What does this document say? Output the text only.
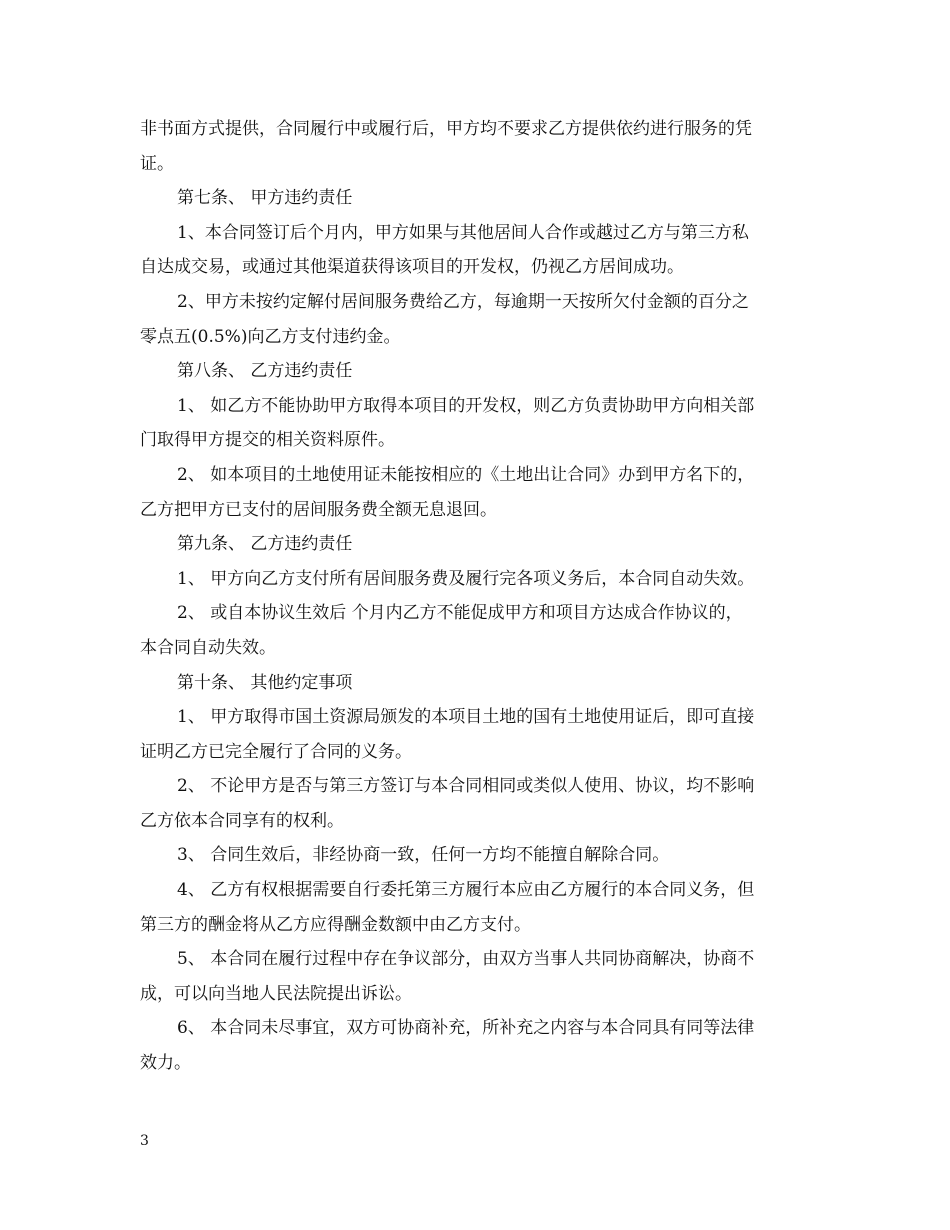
非书面方式提供，合同履行中或履行后，甲方均不要求乙方提供依约进行服务的凭
证。
第七条、 甲方违约责任
1、本合同签订后个月内，甲方如果与其他居间人合作或越过乙方与第三方私
自达成交易，或通过其他渠道获得该项目的开发权，仍视乙方居间成功。
2、甲方未按约定解付居间服务费给乙方，每逾期一天按所欠付金额的百分之
零点五(0.5%)向乙方支付违约金。
第八条、 乙方违约责任
1、 如乙方不能协助甲方取得本项目的开发权，则乙方负责协助甲方向相关部
门取得甲方提交的相关资料原件。
2、 如本项目的土地使用证未能按相应的《土地出让合同》办到甲方名下的，
乙方把甲方已支付的居间服务费全额无息退回。
第九条、 乙方违约责任
1、 甲方向乙方支付所有居间服务费及履行完各项义务后，本合同自动失效。
2、 或自本协议生效后 个月内乙方不能促成甲方和项目方达成合作协议的，
本合同自动失效。
第十条、 其他约定事项
1、 甲方取得市国土资源局颁发的本项目土地的国有土地使用证后，即可直接
证明乙方已完全履行了合同的义务。
2、 不论甲方是否与第三方签订与本合同相同或类似人使用、协议，均不影响
乙方依本合同享有的权利。
3、 合同生效后，非经协商一致，任何一方均不能擅自解除合同。
4、 乙方有权根据需要自行委托第三方履行本应由乙方履行的本合同义务，但
第三方的酬金将从乙方应得酬金数额中由乙方支付。
5、 本合同在履行过程中存在争议部分，由双方当事人共同协商解决，协商不
成，可以向当地人民法院提出诉讼。
6、 本合同未尽事宜，双方可协商补充，所补充之内容与本合同具有同等法律
效力。
3
